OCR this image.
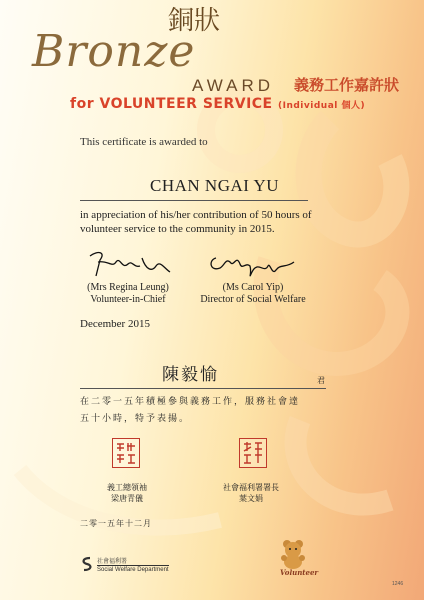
Bronze
銅狀
AWARD 義務工作嘉許狀
for VOLUNTEER SERVICE (Individual 個人)
This certificate is awarded to
CHAN NGAI YU
in appreciation of his/her contribution of 50 hours of
volunteer service to the community in 2015.
(Mrs Regina Leung)
Volunteer-in-Chief
(Ms Carol Yip)
Director of Social Welfare
December 2015
陳毅愉	君
在二零一五年積極參與義務工作，服務社會達
五十小時，特予表揚。
義工總領袖
梁唐青儀
社會福利署署長
葉文娟
二零一五年十二月
社會福利署
Social Welfare Department	Volunteer
1246
